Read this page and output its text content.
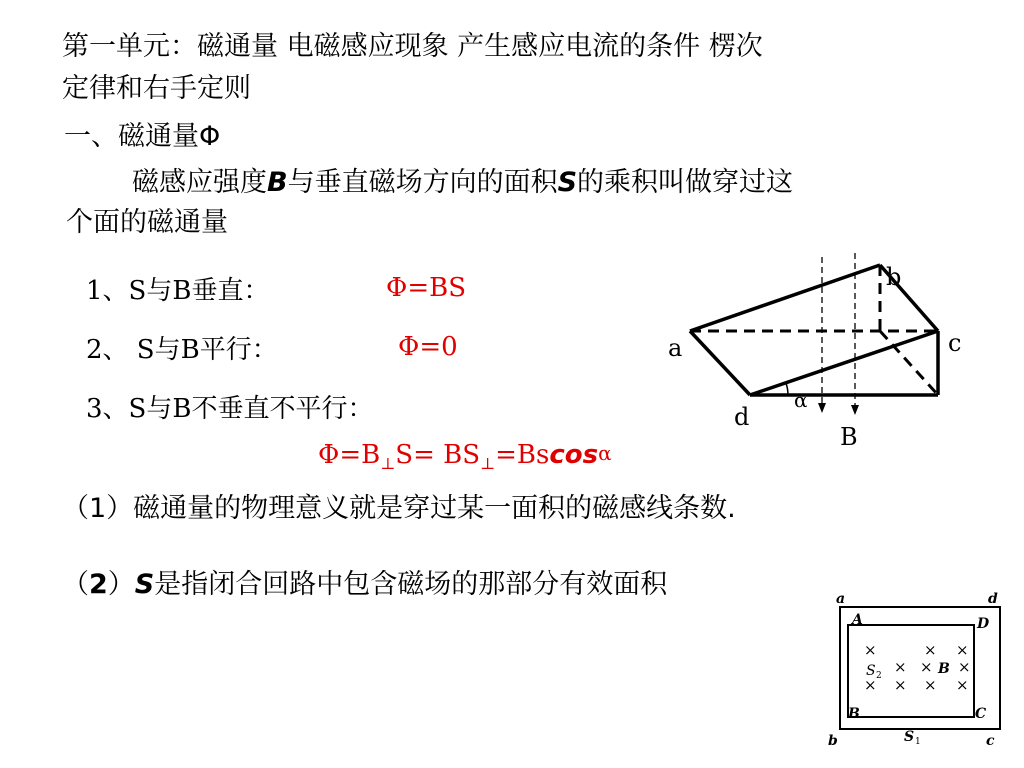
第一单元：磁通量 电磁感应现象 产生感应电流的条件 楞次
定律和右手定则
一、磁通量Φ
磁感应强度B与垂直磁场方向的面积S的乘积叫做穿过这
个面的磁通量
1、S与B垂直：	Φ=BS
2、 S与B平行：	Φ=0
3、S与B不垂直不平行：
$\Phi=B_\perp S= BS_\perp=Bscos\alpha$
（1）磁通量的物理意义就是穿过某一面积的磁感线条数.
（2）S是指闭合回路中包含磁场的那部分有效面积
b
c
a
d
α
B
a	d
b	c
A	D
B	C
×	× ×
× × ×
× × × ×
S 2	B
S 1
